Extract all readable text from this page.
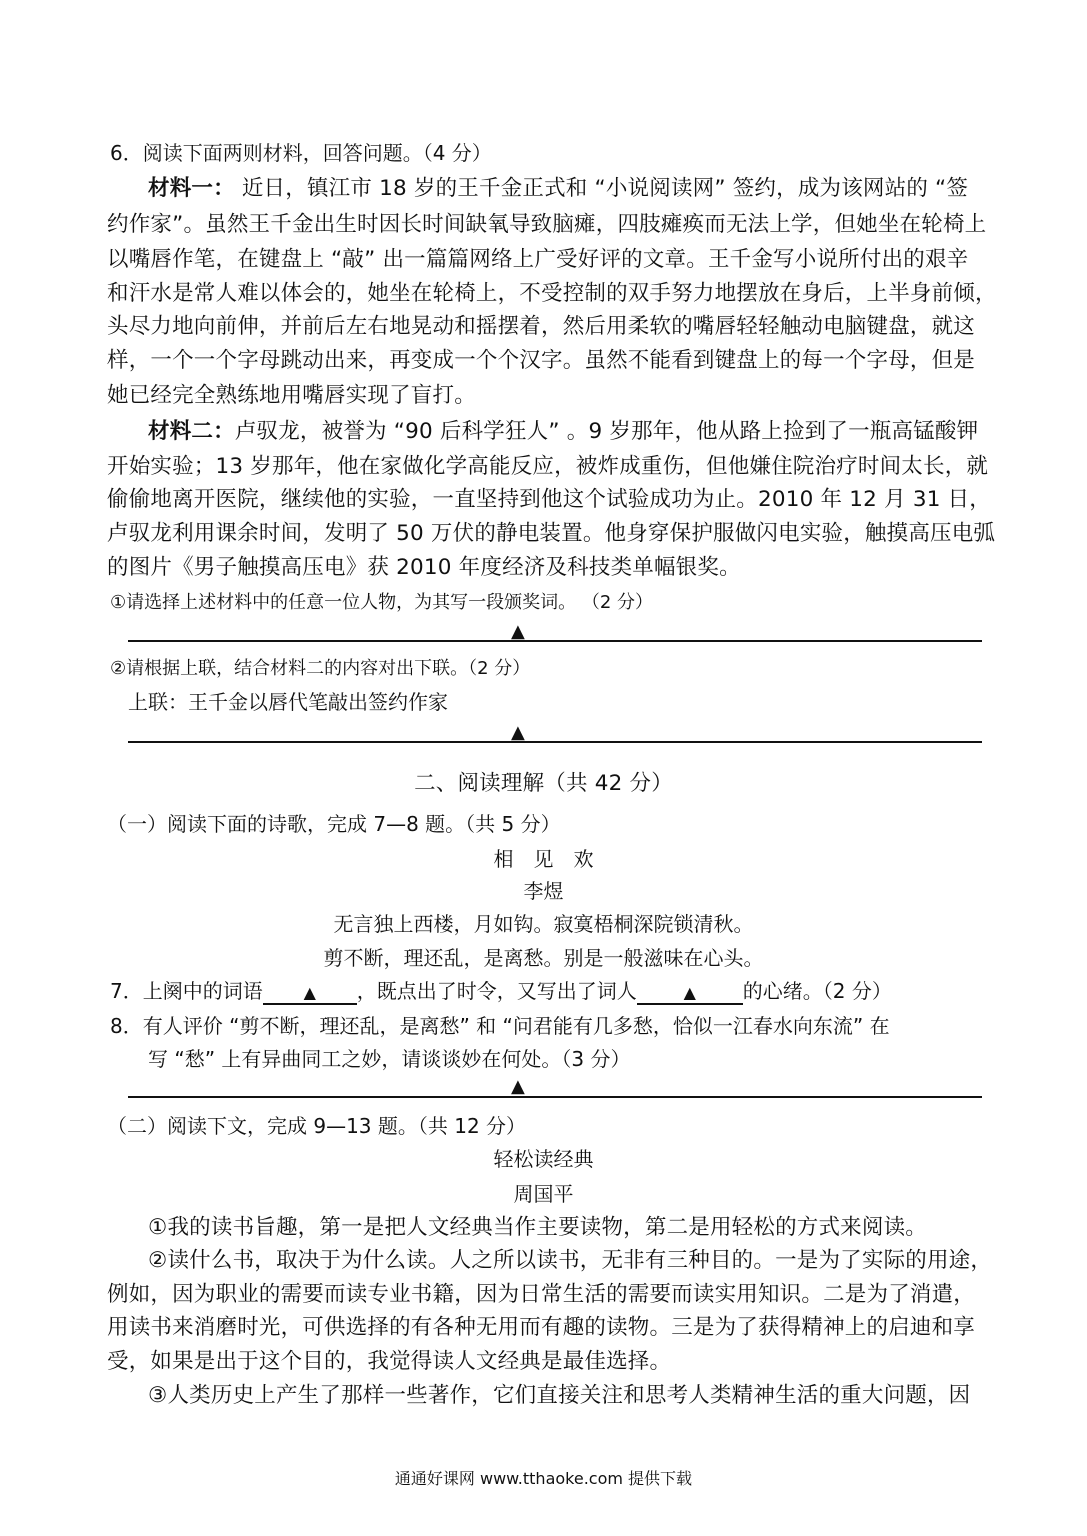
6．阅读下面两则材料，回答问题。（4 分）
材料一： 近日，镇江市 18 岁的王千金正式和 “小说阅读网” 签约，成为该网站的 “签
约作家”。虽然王千金出生时因长时间缺氧导致脑瘫，四肢瘫痪而无法上学，但她坐在轮椅上
以嘴唇作笔，在键盘上 “敲” 出一篇篇网络上广受好评的文章。王千金写小说所付出的艰辛
和汗水是常人难以体会的，她坐在轮椅上，不受控制的双手努力地摆放在身后，上半身前倾，
头尽力地向前伸，并前后左右地晃动和摇摆着，然后用柔软的嘴唇轻轻触动电脑键盘，就这
样，一个一个字母跳动出来，再变成一个个汉字。虽然不能看到键盘上的每一个字母，但是
她已经完全熟练地用嘴唇实现了盲打。
材料二：卢驭龙，被誉为 “90 后科学狂人” 。9 岁那年，他从路上捡到了一瓶高锰酸钾
开始实验；13 岁那年，他在家做化学高能反应，被炸成重伤，但他嫌住院治疗时间太长，就
偷偷地离开医院，继续他的实验，一直坚持到他这个试验成功为止。2010 年 12 月 31 日，
卢驭龙利用课余时间，发明了 50 万伏的静电装置。他身穿保护服做闪电实验，触摸高压电弧
的图片《男子触摸高压电》获 2010 年度经济及科技类单幅银奖。
①请选择上述材料中的任意一位人物，为其写一段颁奖词。 （2 分）
▲
②请根据上联，结合材料二的内容对出下联。（2 分）
上联：王千金以唇代笔敲出签约作家
▲
二、阅读理解（共 42 分）
（一）阅读下面的诗歌，完成 7—8 题。（共 5 分）
相　见　欢
李煜
无言独上西楼，月如钩。寂寞梧桐深院锁清秋。
剪不断，理还乱，是离愁。别是一般滋味在心头。
7．上阕中的词语	▲ ，既点出了时令，又写出了词人	▲ 的心绪。（2 分）
8．有人评价 “剪不断，理还乱，是离愁” 和 “问君能有几多愁，恰似一江春水向东流” 在
写 “愁” 上有异曲同工之妙，请谈谈妙在何处。（3 分）
▲
（二）阅读下文，完成 9—13 题。（共 12 分）
轻松读经典
周国平
①我的读书旨趣，第一是把人文经典当作主要读物，第二是用轻松的方式来阅读。
②读什么书，取决于为什么读。人之所以读书，无非有三种目的。一是为了实际的用途，
例如，因为职业的需要而读专业书籍，因为日常生活的需要而读实用知识。二是为了消遣，
用读书来消磨时光，可供选择的有各种无用而有趣的读物。三是为了获得精神上的启迪和享
受，如果是出于这个目的，我觉得读人文经典是最佳选择。
③人类历史上产生了那样一些著作，它们直接关注和思考人类精神生活的重大问题，因
通通好课网 www.tthaoke.com 提供下载
